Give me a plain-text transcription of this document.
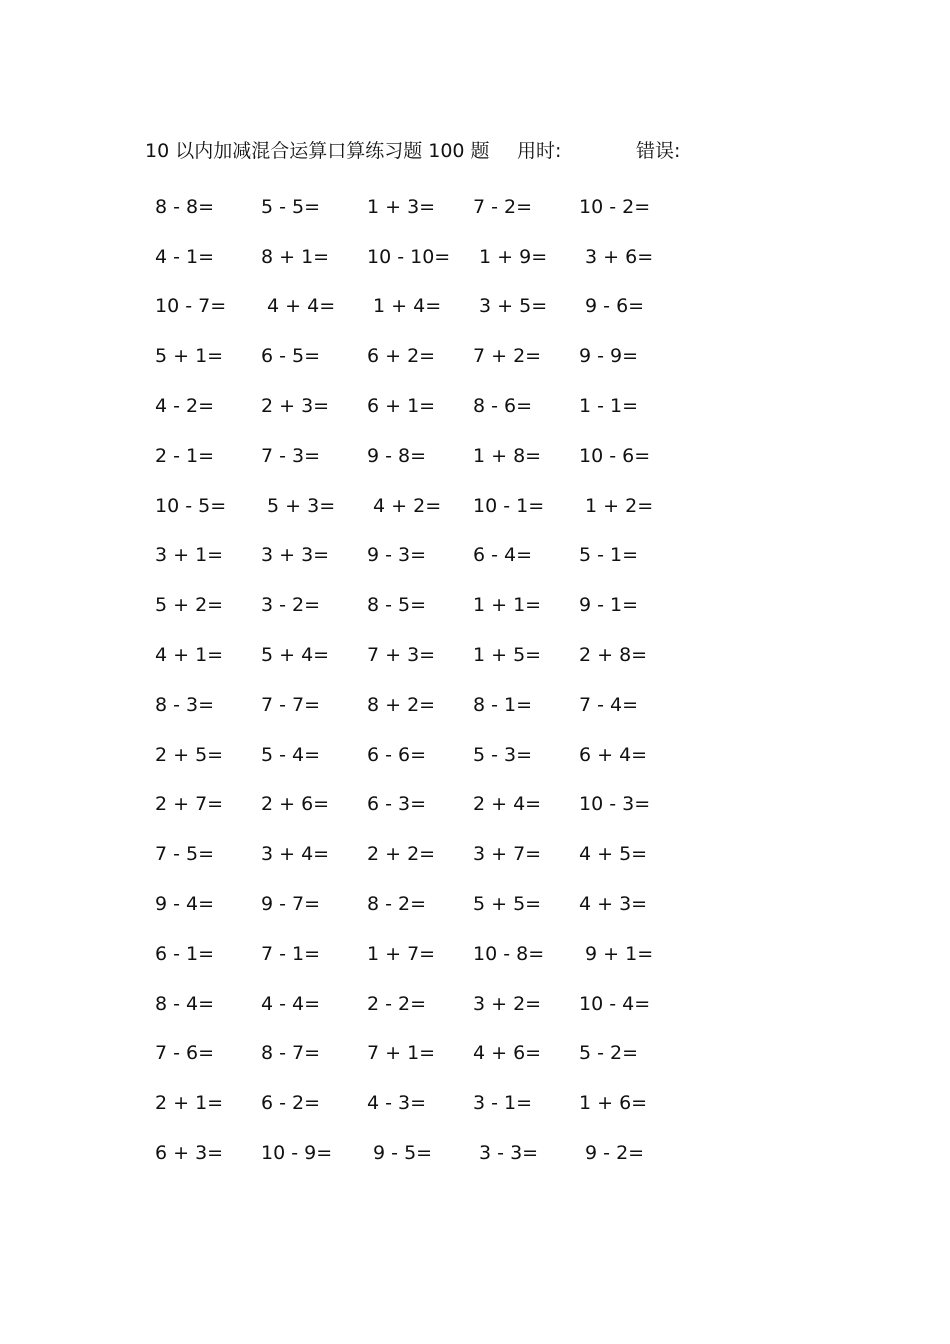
10 以内加减混合运算口算练习题 100 题 用时:	错误:
8 - 8=	5 - 5=	1 + 3=	7 - 2=	10 - 2=
4 - 1=	8 + 1=	10 - 10=	1 + 9=	3 + 6=
10 - 7=	4 + 4=	1 + 4=	3 + 5=	9 - 6=
5 + 1=	6 - 5=	6 + 2=	7 + 2=	9 - 9=
4 - 2=	2 + 3=	6 + 1=	8 - 6=	1 - 1=
2 - 1=	7 - 3=	9 - 8=	1 + 8=	10 - 6=
10 - 5=	5 + 3=	4 + 2=	10 - 1=	1 + 2=
3 + 1=	3 + 3=	9 - 3=	6 - 4=	5 - 1=
5 + 2=	3 - 2=	8 - 5=	1 + 1=	9 - 1=
4 + 1=	5 + 4=	7 + 3=	1 + 5=	2 + 8=
8 - 3=	7 - 7=	8 + 2=	8 - 1=	7 - 4=
2 + 5=	5 - 4=	6 - 6=	5 - 3=	6 + 4=
2 + 7=	2 + 6=	6 - 3=	2 + 4=	10 - 3=
7 - 5=	3 + 4=	2 + 2=	3 + 7=	4 + 5=
9 - 4=	9 - 7=	8 - 2=	5 + 5=	4 + 3=
6 - 1=	7 - 1=	1 + 7=	10 - 8=	9 + 1=
8 - 4=	4 - 4=	2 - 2=	3 + 2=	10 - 4=
7 - 6=	8 - 7=	7 + 1=	4 + 6=	5 - 2=
2 + 1=	6 - 2=	4 - 3=	3 - 1=	1 + 6=
6 + 3=	10 - 9=	9 - 5=	3 - 3=	9 - 2=
